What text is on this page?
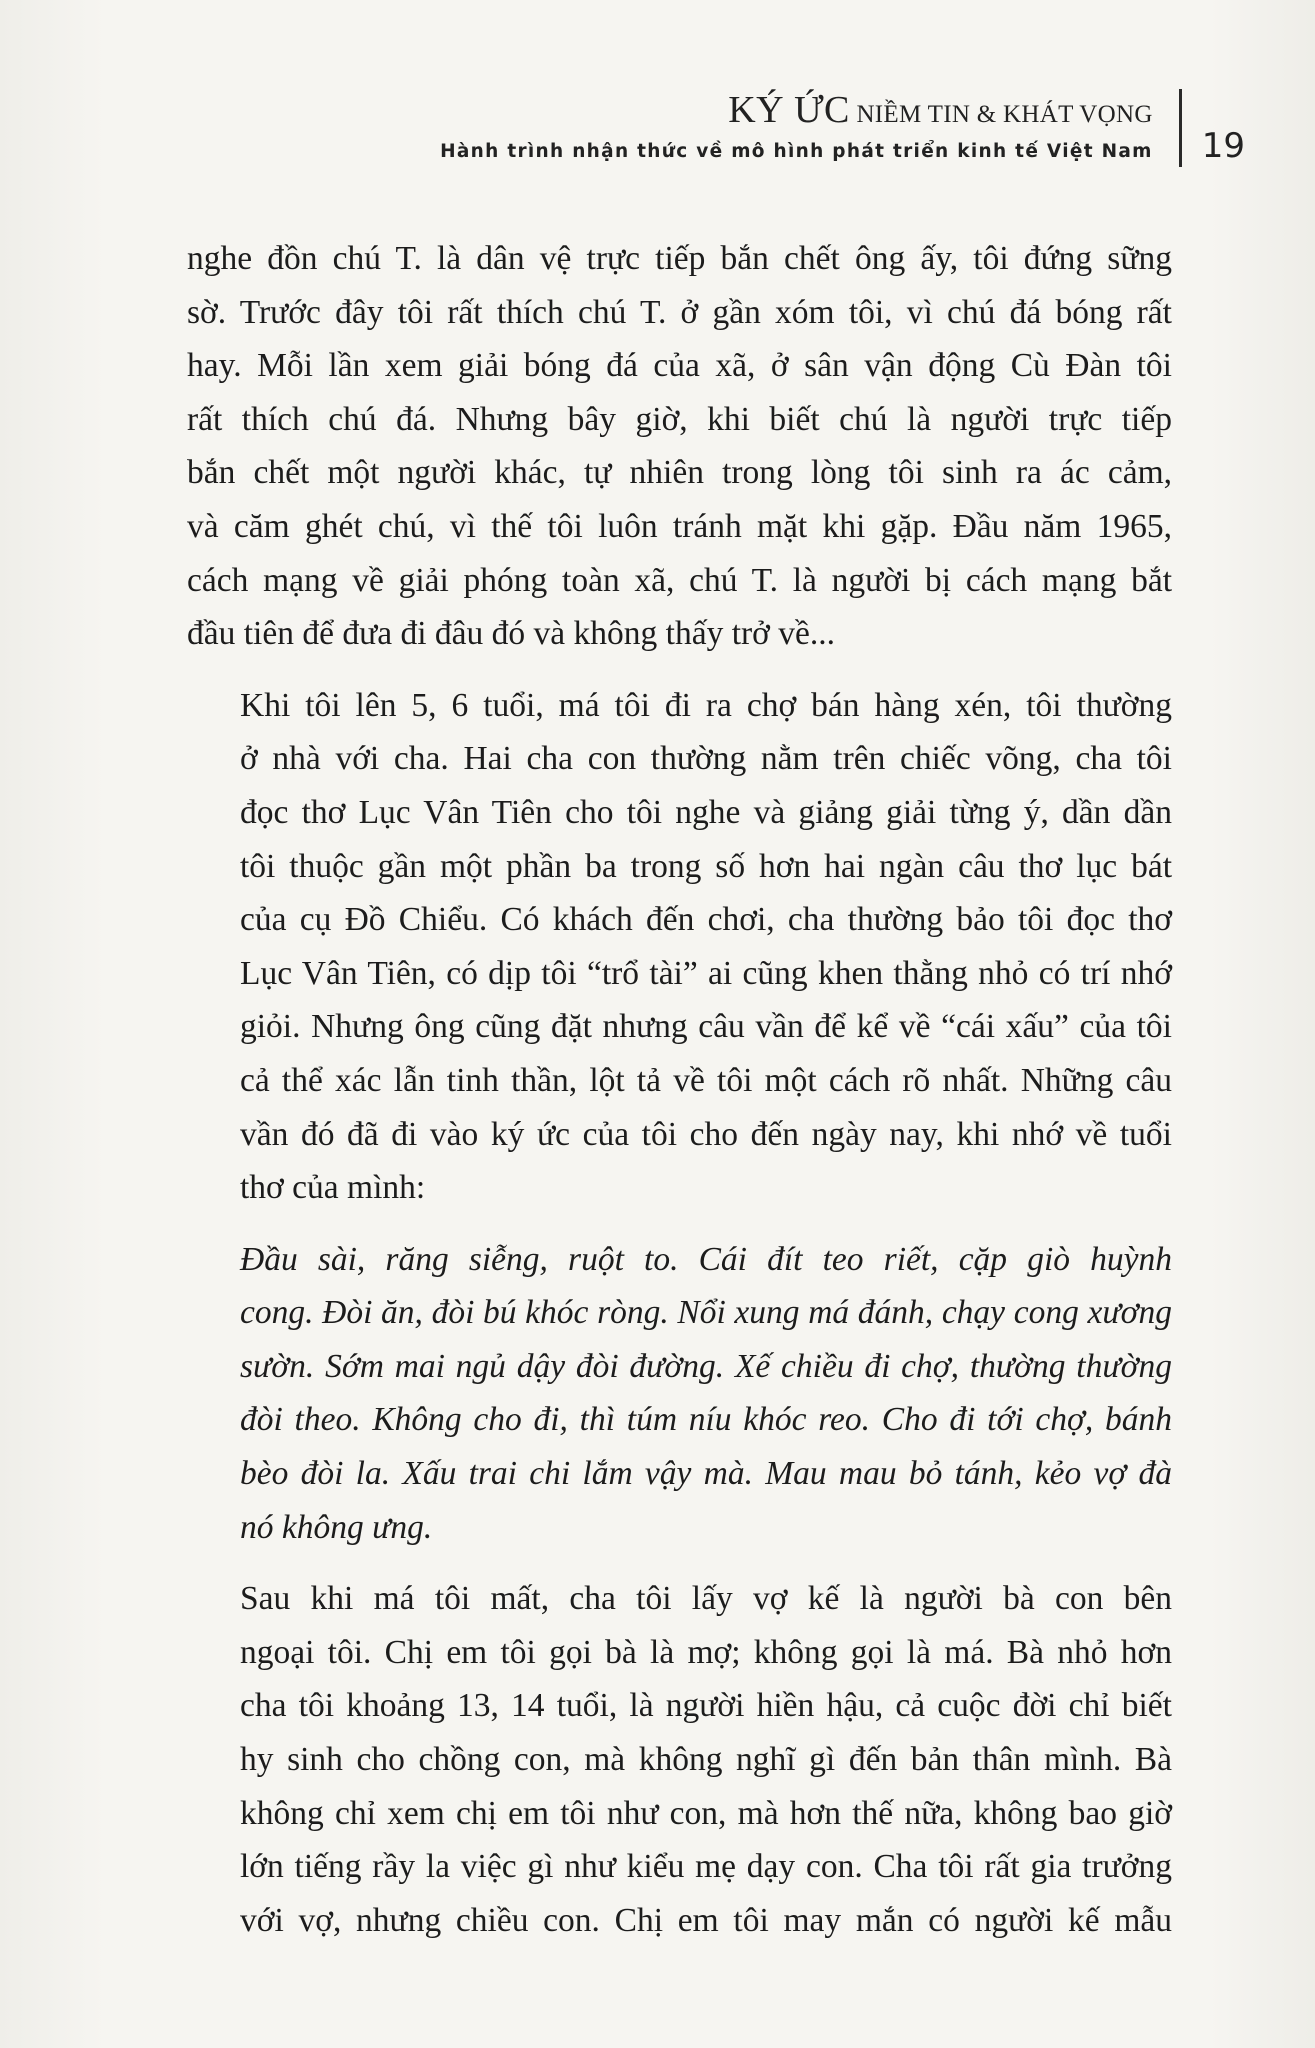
KÝ ỨC NIỀM TIN & KHÁT VỌNG
Hành trình nhận thức về mô hình phát triển kinh tế Việt Nam 19

nghe đồn chú T. là dân vệ trực tiếp bắn chết ông ấy, tôi đứng sững
sờ. Trước đây tôi rất thích chú T. ở gần xóm tôi, vì chú đá bóng rất
hay. Mỗi lần xem giải bóng đá của xã, ở sân vận động Cù Đàn tôi
rất thích chú đá. Nhưng bây giờ, khi biết chú là người trực tiếp
bắn chết một người khác, tự nhiên trong lòng tôi sinh ra ác cảm,
và căm ghét chú, vì thế tôi luôn tránh mặt khi gặp. Đầu năm 1965,
cách mạng về giải phóng toàn xã, chú T. là người bị cách mạng bắt
đầu tiên để đưa đi đâu đó và không thấy trở về...

Khi tôi lên 5, 6 tuổi, má tôi đi ra chợ bán hàng xén, tôi thường
ở nhà với cha. Hai cha con thường nằm trên chiếc võng, cha tôi
đọc thơ Lục Vân Tiên cho tôi nghe và giảng giải từng ý, dần dần
tôi thuộc gần một phần ba trong số hơn hai ngàn câu thơ lục bát
của cụ Đồ Chiểu. Có khách đến chơi, cha thường bảo tôi đọc thơ
Lục Vân Tiên, có dịp tôi “trổ tài” ai cũng khen thằng nhỏ có trí nhớ
giỏi. Nhưng ông cũng đặt nhưng câu vần để kể về “cái xấu” của tôi
cả thể xác lẫn tinh thần, lột tả về tôi một cách rõ nhất. Những câu
vần đó đã đi vào ký ức của tôi cho đến ngày nay, khi nhớ về tuổi
thơ của mình:

Đầu sài, răng siễng, ruột to. Cái đít teo riết, cặp giò huỳnh
cong. Đòi ăn, đòi bú khóc ròng. Nổi xung má đánh, chạy cong xương
sườn. Sớm mai ngủ dậy đòi đường. Xế chiều đi chợ, thường thường
đòi theo. Không cho đi, thì túm níu khóc reo. Cho đi tới chợ, bánh
bèo đòi la. Xấu trai chi lắm vậy mà. Mau mau bỏ tánh, kẻo vợ đà
nó không ưng.

Sau khi má tôi mất, cha tôi lấy vợ kế là người bà con bên
ngoại tôi. Chị em tôi gọi bà là mợ; không gọi là má. Bà nhỏ hơn
cha tôi khoảng 13, 14 tuổi, là người hiền hậu, cả cuộc đời chỉ biết
hy sinh cho chồng con, mà không nghĩ gì đến bản thân mình. Bà
không chỉ xem chị em tôi như con, mà hơn thế nữa, không bao giờ
lớn tiếng rầy la việc gì như kiểu mẹ dạy con. Cha tôi rất gia trưởng
với vợ, nhưng chiều con. Chị em tôi may mắn có người kế mẫu
